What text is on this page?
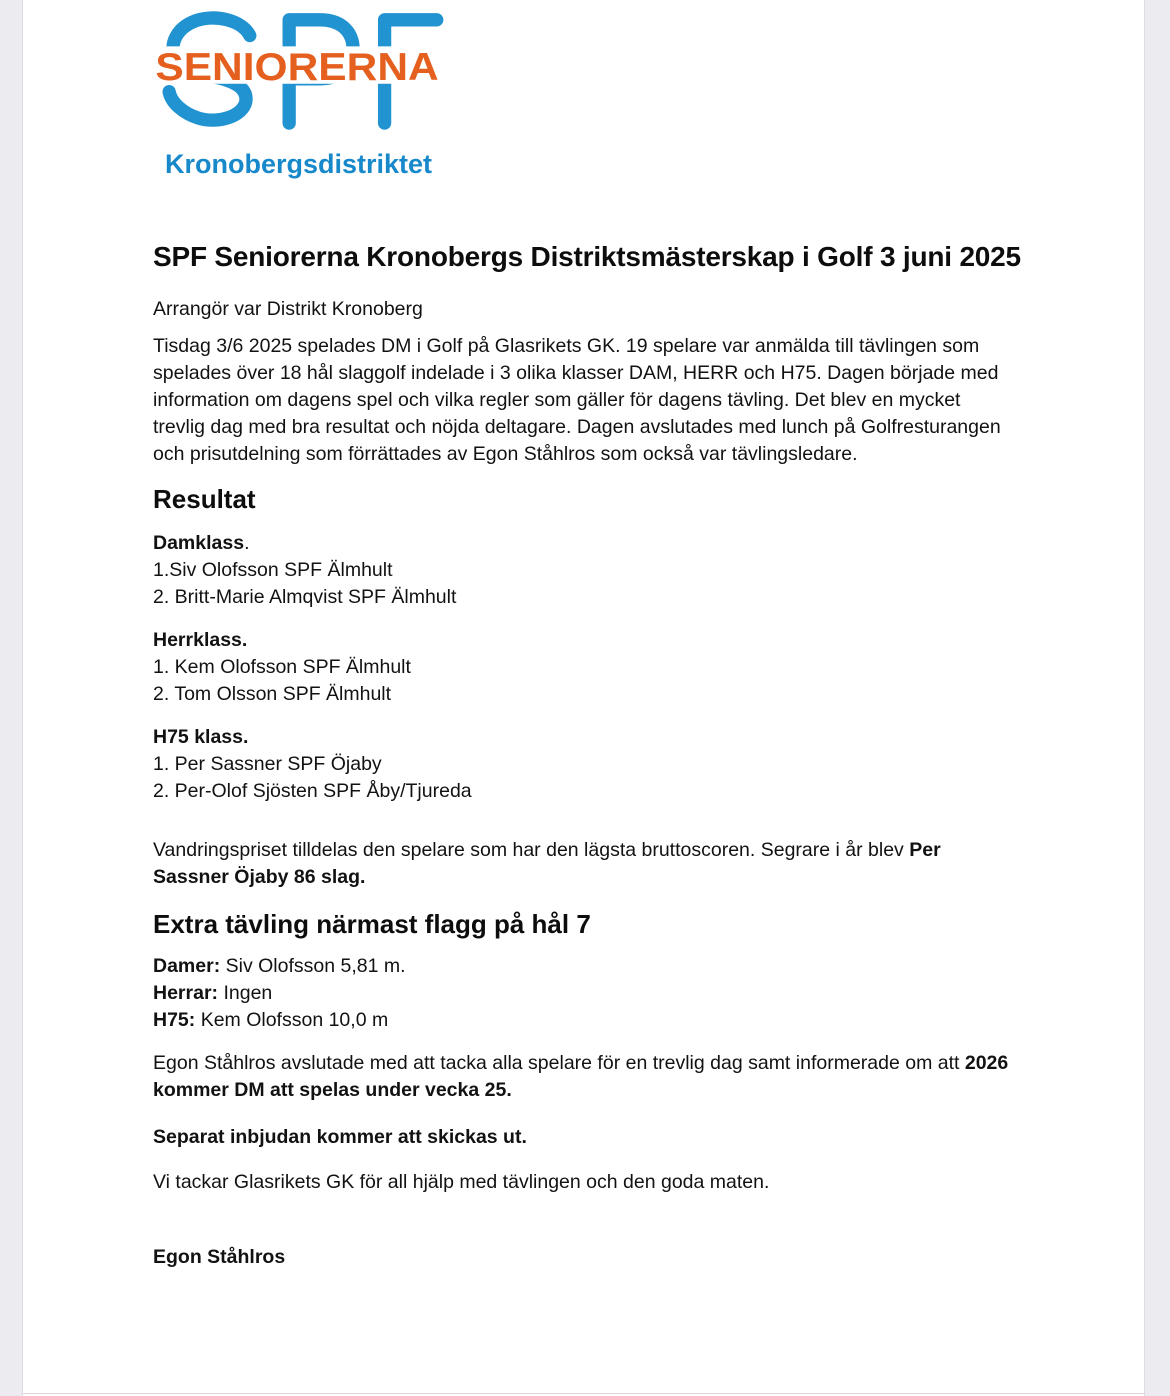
SENIORERNA
Kronobergsdistriktet
SPF Seniorerna Kronobergs Distriktsmästerskap i Golf 3 juni 2025

Arrangör var Distrikt Kronoberg

Tisdag 3/6 2025 spelades DM i Golf på Glasrikets GK. 19 spelare var anmälda till tävlingen som spelades över 18 hål slaggolf indelade i 3 olika klasser DAM, HERR och H75. Dagen började med information om dagens spel och vilka regler som gäller för dagens tävling. Det blev en mycket trevlig dag med bra resultat och nöjda deltagare. Dagen avslutades med lunch på Golfresturangen och prisutdelning som förrättades av Egon Ståhlros som också var tävlingsledare.

Resultat
Damklass.
1.Siv Olofsson SPF Älmhult
2. Britt-Marie Almqvist SPF Älmhult
Herrklass.
1. Kem Olofsson SPF Älmhult
2. Tom Olsson SPF Älmhult
H75 klass.
1. Per Sassner SPF Öjaby
2. Per-Olof Sjösten SPF Åby/Tjureda

Vandringspriset tilldelas den spelare som har den lägsta bruttoscoren. Segrare i år blev Per Sassner Öjaby 86 slag.

Extra tävling närmast flagg på hål 7
Damer: Siv Olofsson 5,81 m.
Herrar: Ingen
H75: Kem Olofsson 10,0 m

Egon Ståhlros avslutade med att tacka alla spelare för en trevlig dag samt informerade om att 2026 kommer DM att spelas under vecka 25.

Separat inbjudan kommer att skickas ut.

Vi tackar Glasrikets GK för all hjälp med tävlingen och den goda maten.

Egon Ståhlros
